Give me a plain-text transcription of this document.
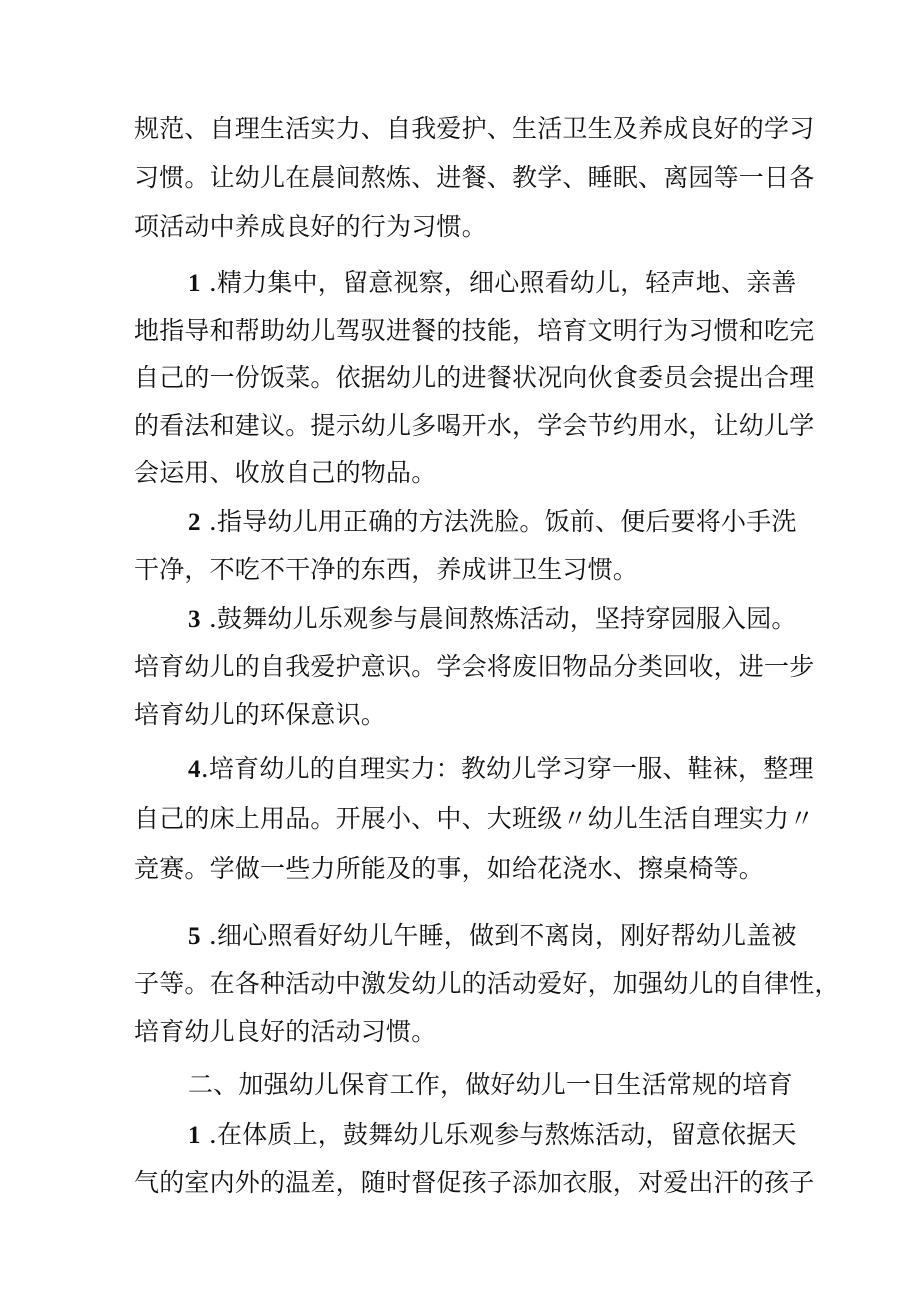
规范、自理生活实力、自我爱护、生活卫生及养成良好的学习
习惯。让幼儿在晨间熬炼、进餐、教学、睡眠、离园等一日各
项活动中养成良好的行为习惯。
1 .精力集中，留意视察，细心照看幼儿，轻声地、亲善
地指导和帮助幼儿驾驭进餐的技能，培育文明行为习惯和吃完
自己的一份饭菜。依据幼儿的进餐状况向伙食委员会提出合理
的看法和建议。提示幼儿多喝开水，学会节约用水，让幼儿学
会运用、收放自己的物品。
2 .指导幼儿用正确的方法洗脸。饭前、便后要将小手洗
干净，不吃不干净的东西，养成讲卫生习惯。
3 .鼓舞幼儿乐观参与晨间熬炼活动，坚持穿园服入园。
培育幼儿的自我爱护意识。学会将废旧物品分类回收，进一步
培育幼儿的环保意识。
4.培育幼儿的自理实力：教幼儿学习穿一服、鞋袜，整理
自己的床上用品。开展小、中、大班级〃幼儿生活自理实力〃
竞赛。学做一些力所能及的事，如给花浇水、擦桌椅等。
5 .细心照看好幼儿午睡，做到不离岗，刚好帮幼儿盖被
子等。在各种活动中激发幼儿的活动爱好，加强幼儿的自律性，
培育幼儿良好的活动习惯。
二、加强幼儿保育工作，做好幼儿一日生活常规的培育
1 .在体质上，鼓舞幼儿乐观参与熬炼活动，留意依据天
气的室内外的温差，随时督促孩子添加衣服，对爱出汗的孩子
